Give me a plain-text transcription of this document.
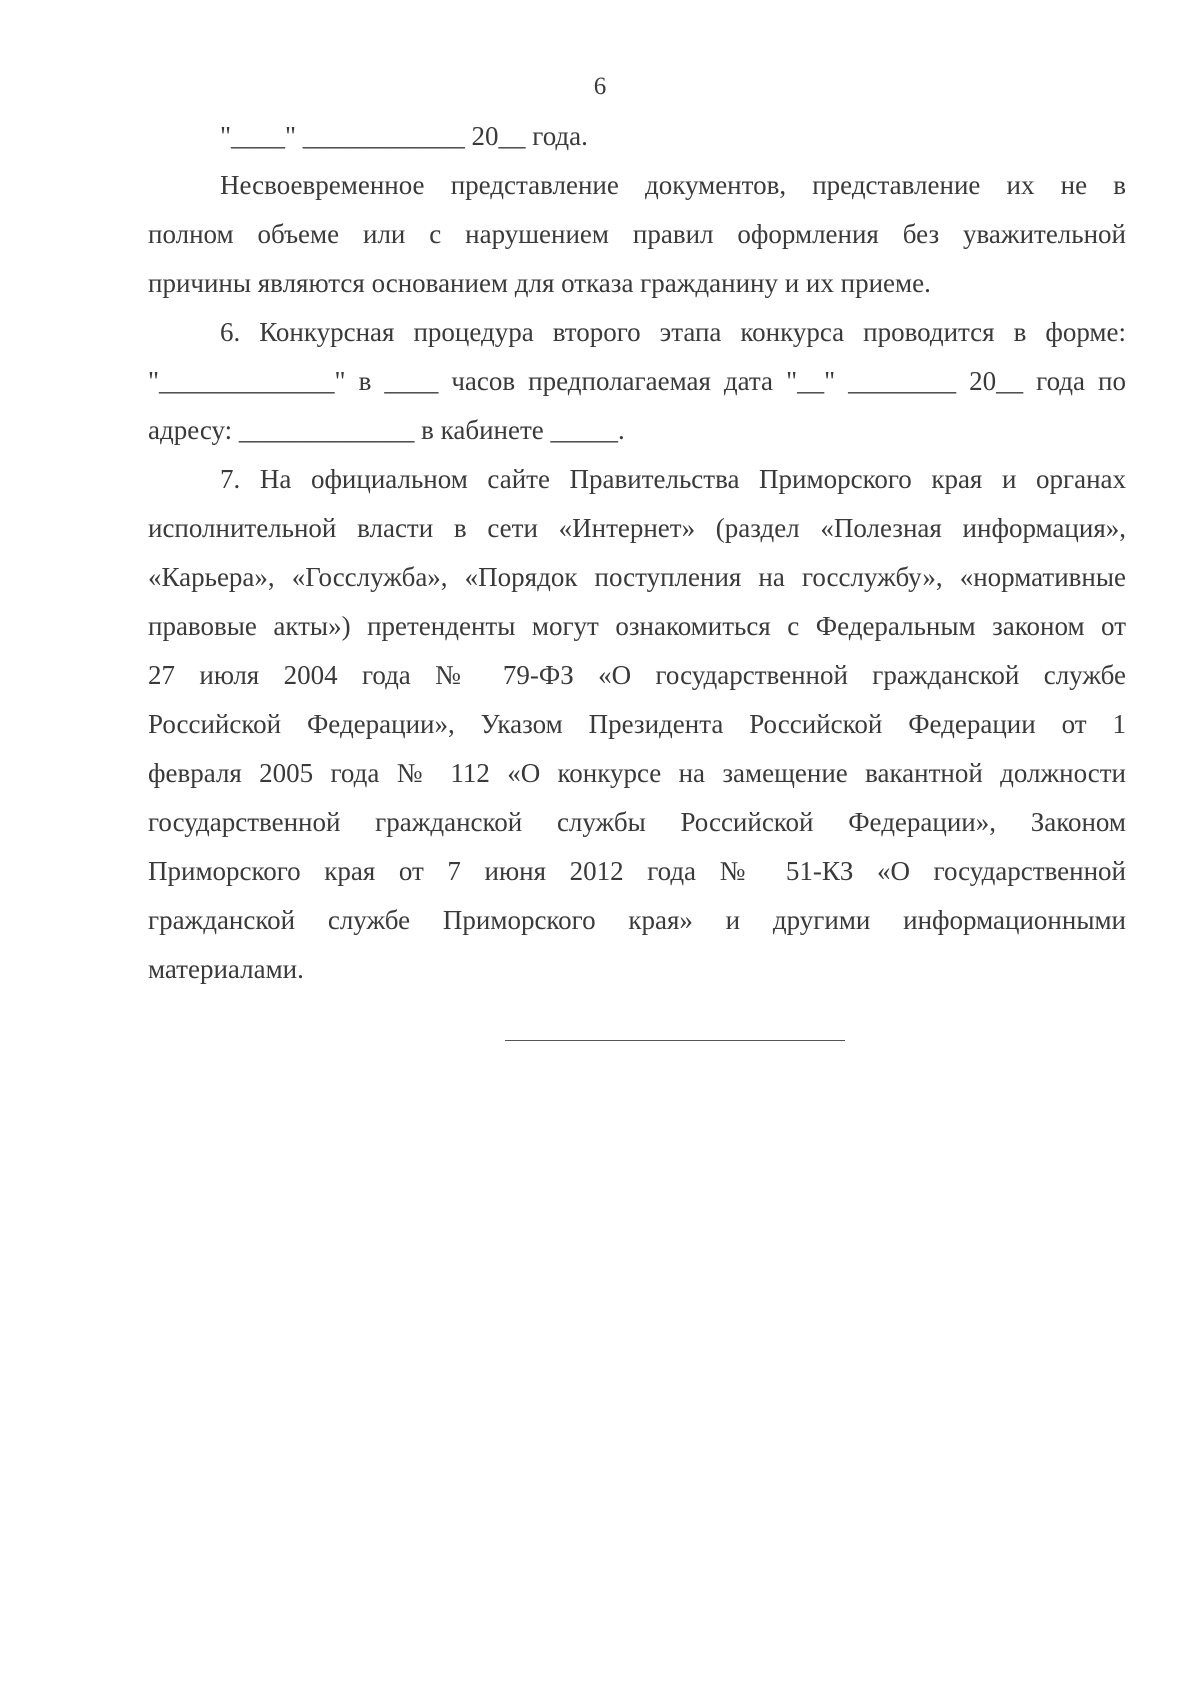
6
"____" ____________ 20__ года.
Несвоевременное представление документов, представление их не в
полном объеме или с нарушением правил оформления без уважительной
причины являются основанием для отказа гражданину и их приеме.
6. Конкурсная процедура второго этапа конкурса проводится в форме:
"_____________" в ____ часов предполагаемая дата "__" ________ 20__ года по
адресу: _____________ в кабинете _____.
7. На официальном сайте Правительства Приморского края и органах
исполнительной власти в сети «Интернет» (раздел «Полезная информация»,
«Карьера», «Госслужба», «Порядок поступления на госслужбу», «нормативные
правовые акты») претенденты могут ознакомиться с Федеральным законом от
27 июля 2004 года № 79-ФЗ «О государственной гражданской службе
Российской Федерации», Указом Президента Российской Федерации от 1
февраля 2005 года № 112 «О конкурсе на замещение вакантной должности
государственной гражданской службы Российской Федерации», Законом
Приморского края от 7 июня 2012 года № 51-КЗ «О государственной
гражданской службе Приморского края» и другими информационными
материалами.
